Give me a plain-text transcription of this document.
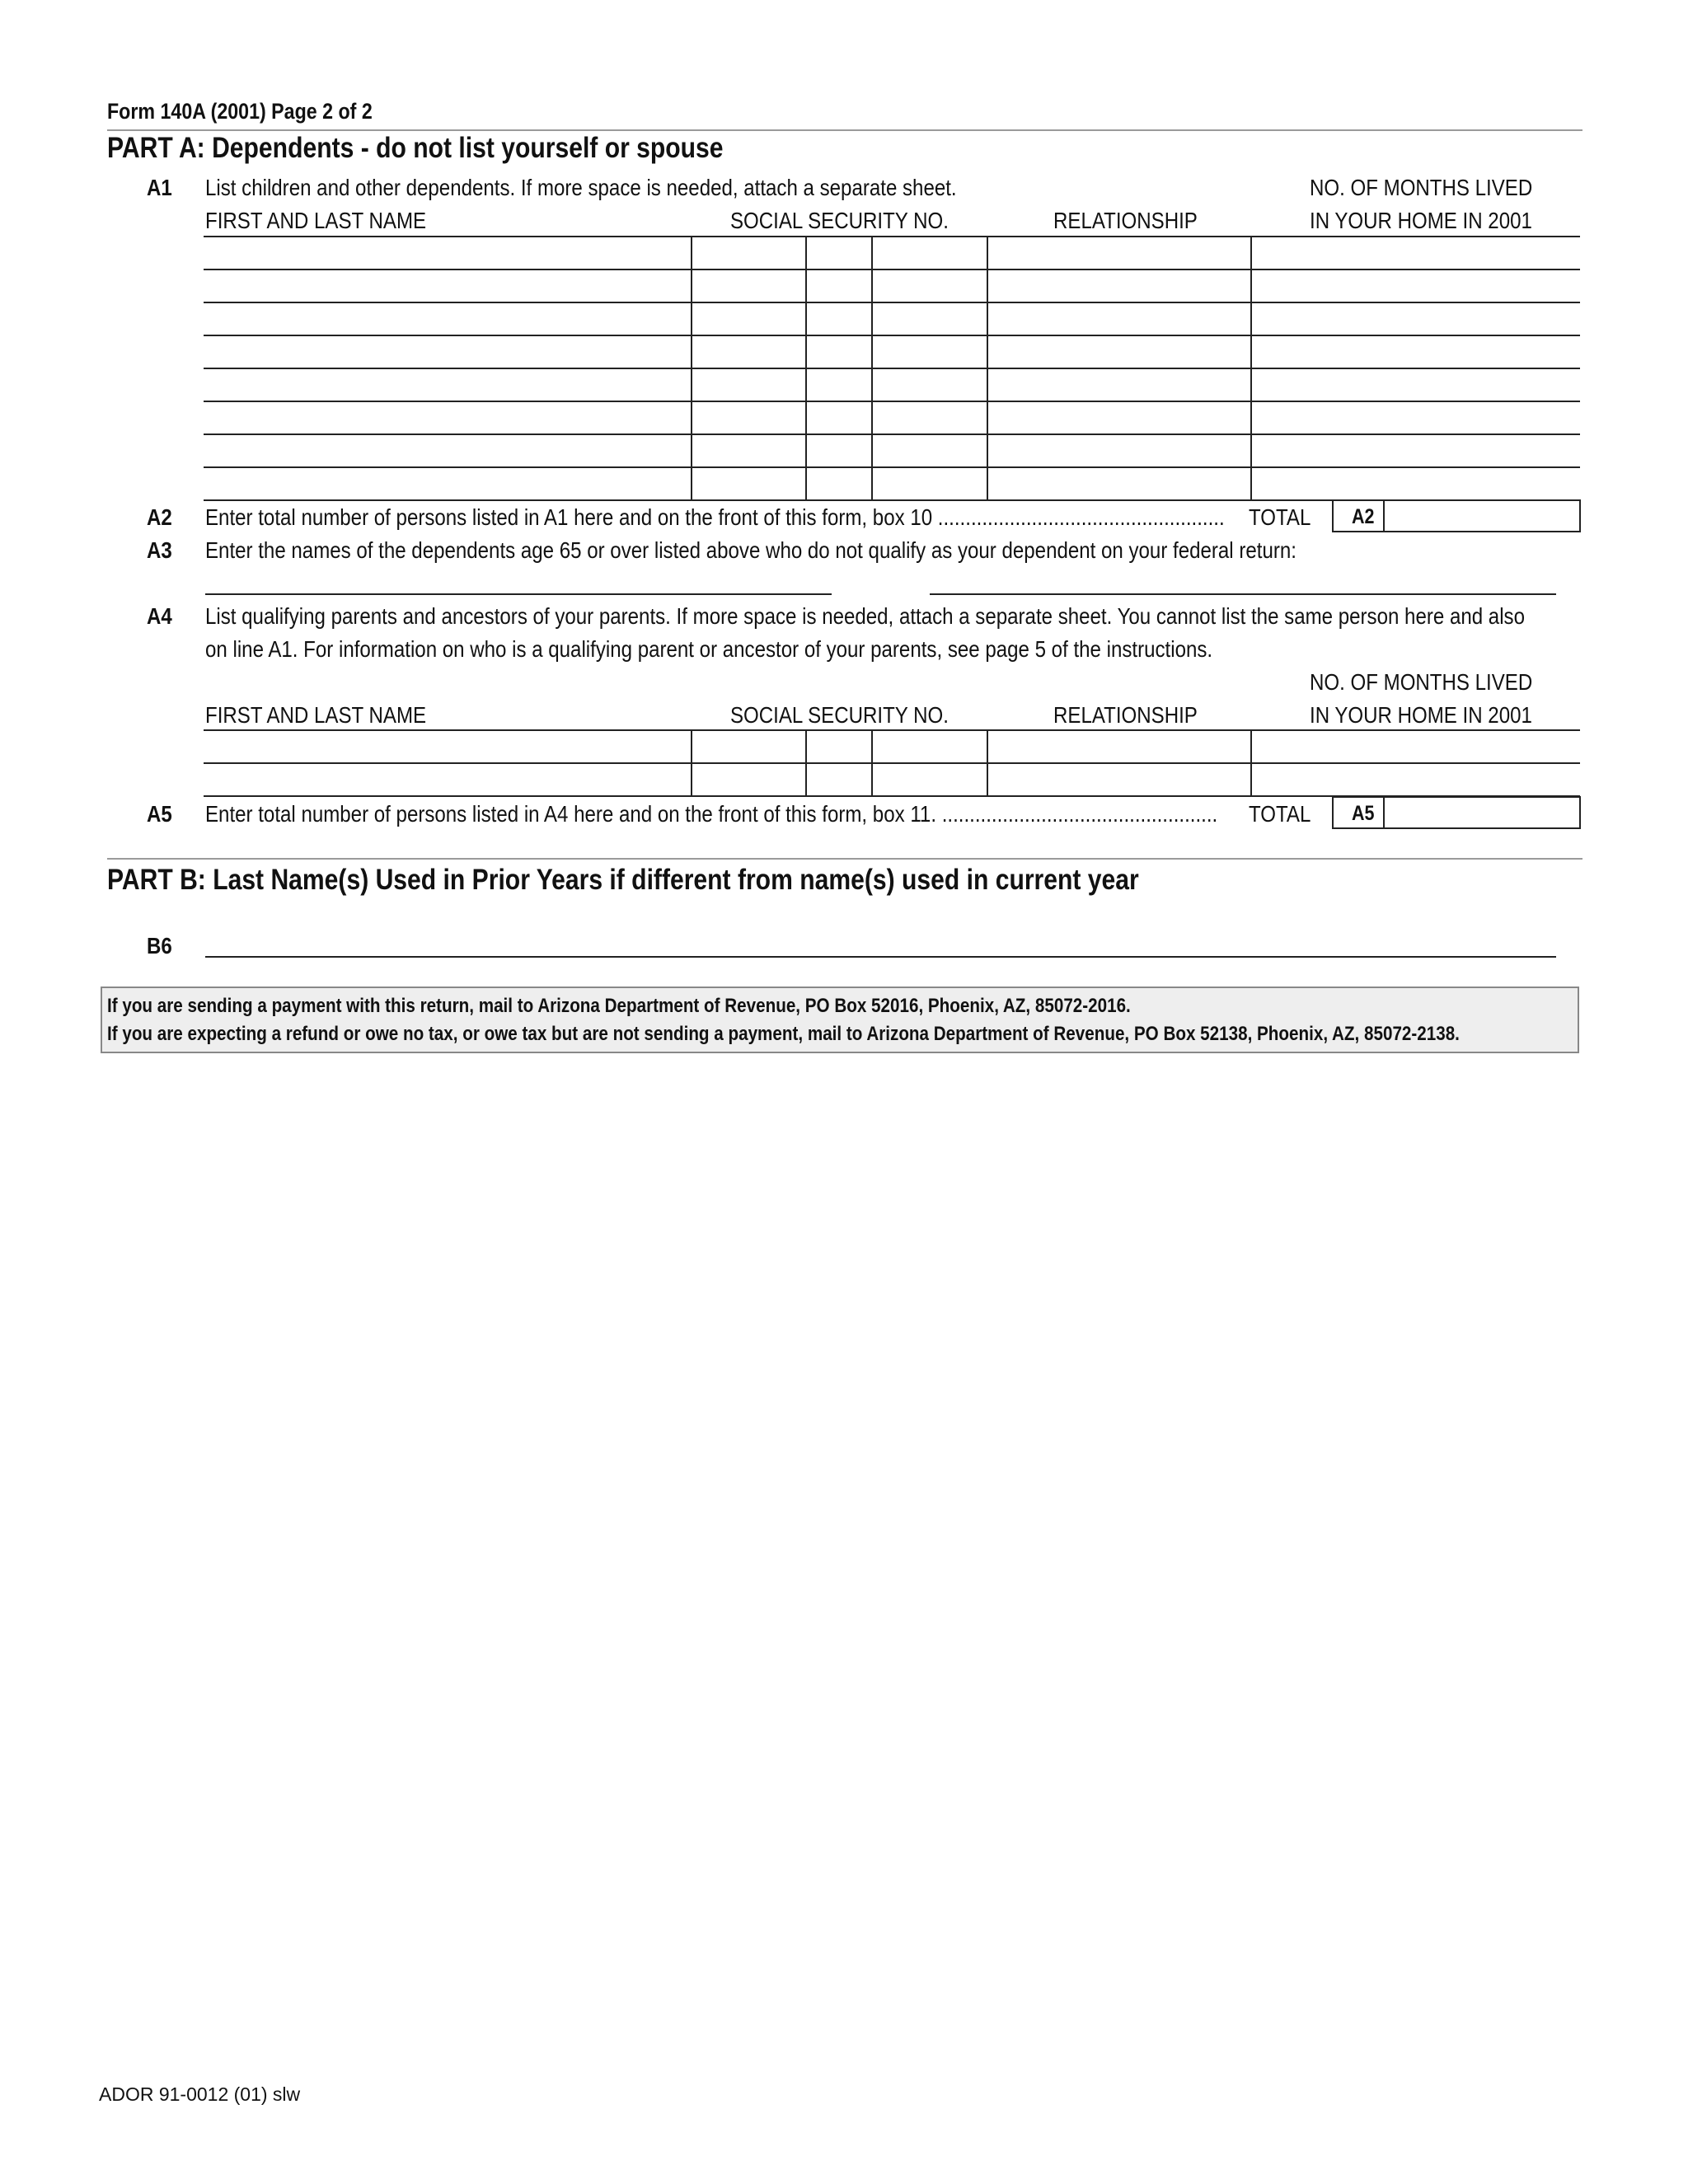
Form 140A (2001) Page 2 of 2
PART A: Dependents - do not list yourself or spouse
A1 List children and other dependents. If more space is needed, attach a separate sheet.	NO. OF MONTHS LIVED
FIRST AND LAST NAME	SOCIAL SECURITY NO.	RELATIONSHIP	IN YOUR HOME IN 2001
A2 Enter total number of persons listed in A1 here and on the front of this form, box 10 ....................................................	TOTAL	A2
A3 Enter the names of the dependents age 65 or over listed above who do not qualify as your dependent on your federal return:
A4 List qualifying parents and ancestors of your parents. If more space is needed, attach a separate sheet. You cannot list the same person here and also
on line A1. For information on who is a qualifying parent or ancestor of your parents, see page 5 of the instructions.
NO. OF MONTHS LIVED
FIRST AND LAST NAME	SOCIAL SECURITY NO.	RELATIONSHIP	IN YOUR HOME IN 2001
A5 Enter total number of persons listed in A4 here and on the front of this form, box 11. ..................................................	TOTAL	A5
PART B: Last Name(s) Used in Prior Years if different from name(s) used in current year
B6
If you are sending a payment with this return, mail to Arizona Department of Revenue, PO Box 52016, Phoenix, AZ, 85072-2016.
If you are expecting a refund or owe no tax, or owe tax but are not sending a payment, mail to Arizona Department of Revenue, PO Box 52138, Phoenix, AZ, 85072-2138.
ADOR 91-0012 (01) slw
